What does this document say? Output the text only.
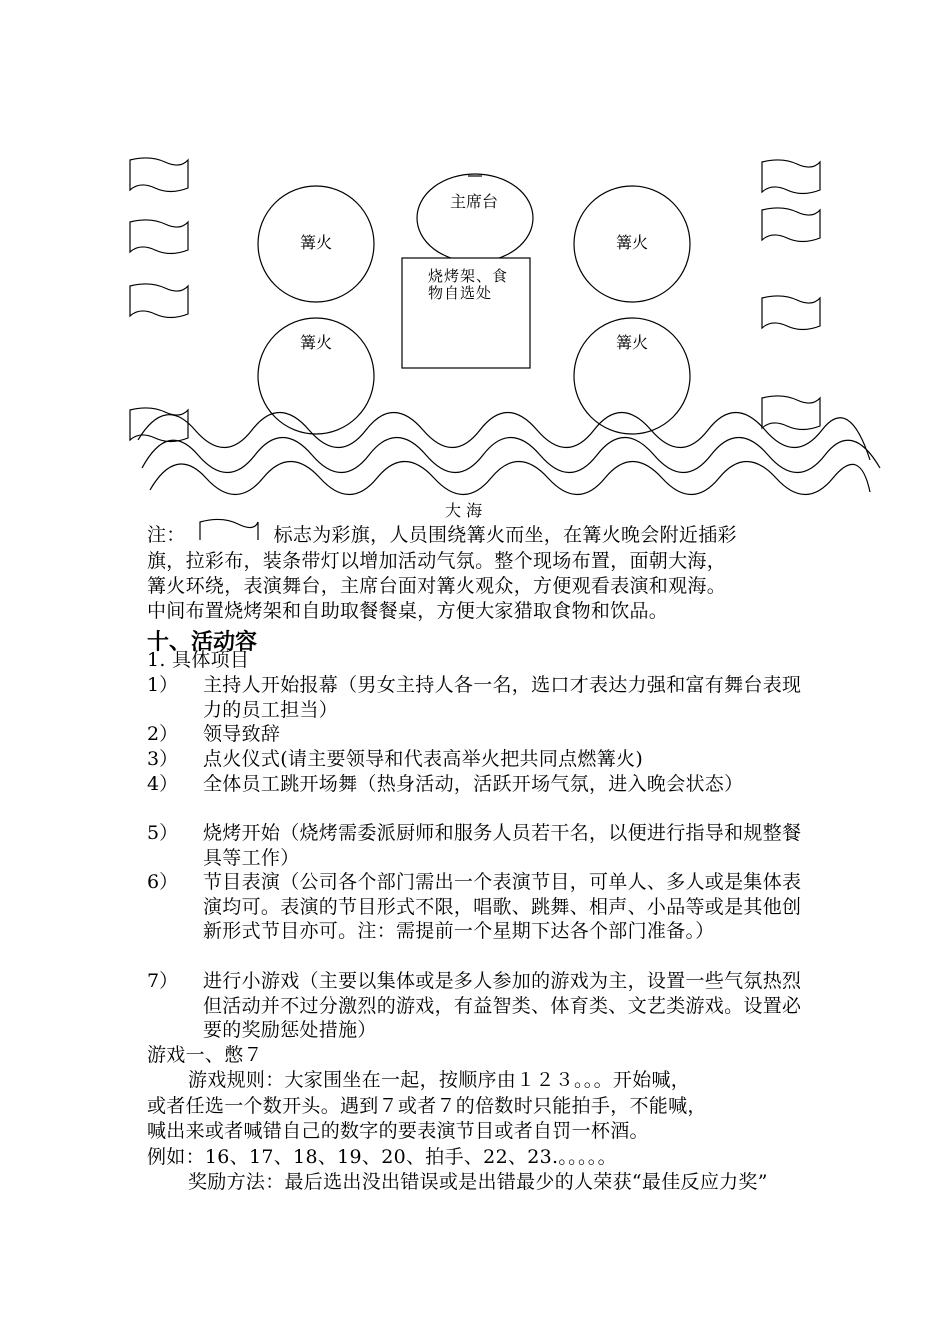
篝火	篝火
篝火	篝火
主席台
烧烤架、食物自选处
大 海
注：	标志为彩旗，人员围绕篝火而坐，在篝火晚会附近插彩
旗，拉彩布，装条带灯以增加活动气氛。整个现场布置，面朝大海，
篝火环绕，表演舞台，主席台面对篝火观众，方便观看表演和观海。
中间布置烧烤架和自助取餐餐桌，方便大家猎取食物和饮品。
十、活动容
1. 具体项目
1）	主持人开始报幕（男女主持人各一名，选口才表达力强和富有舞台表现力的员工担当）
2）	领导致辞
3）	点火仪式(请主要领导和代表高举火把共同点燃篝火)
4）	全体员工跳开场舞（热身活动，活跃开场气氛，进入晚会状态）
5）	烧烤开始（烧烤需委派厨师和服务人员若干名，以便进行指导和规整餐具等工作）
6）	节目表演（公司各个部门需出一个表演节目，可单人、多人或是集体表演均可。表演的节目形式不限，唱歌、跳舞、相声、小品等或是其他创新形式节目亦可。注：需提前一个星期下达各个部门准备。）
7）	进行小游戏（主要以集体或是多人参加的游戏为主，设置一些气氛热烈但活动并不过分激烈的游戏，有益智类、体育类、文艺类游戏。设置必要的奖励惩处措施）
游戏一、憋７
游戏规则：大家围坐在一起，按顺序由１２３。。。开始喊，
或者任选一个数开头。遇到７或者７的倍数时只能拍手，不能喊，
喊出来或者喊错自己的数字的要表演节目或者自罚一杯酒。
例如：16、17、18、19、20、拍手、22、23.。。。。。
奖励方法：最后选出没出错误或是出错最少的人荣获“最佳反应力奖”
